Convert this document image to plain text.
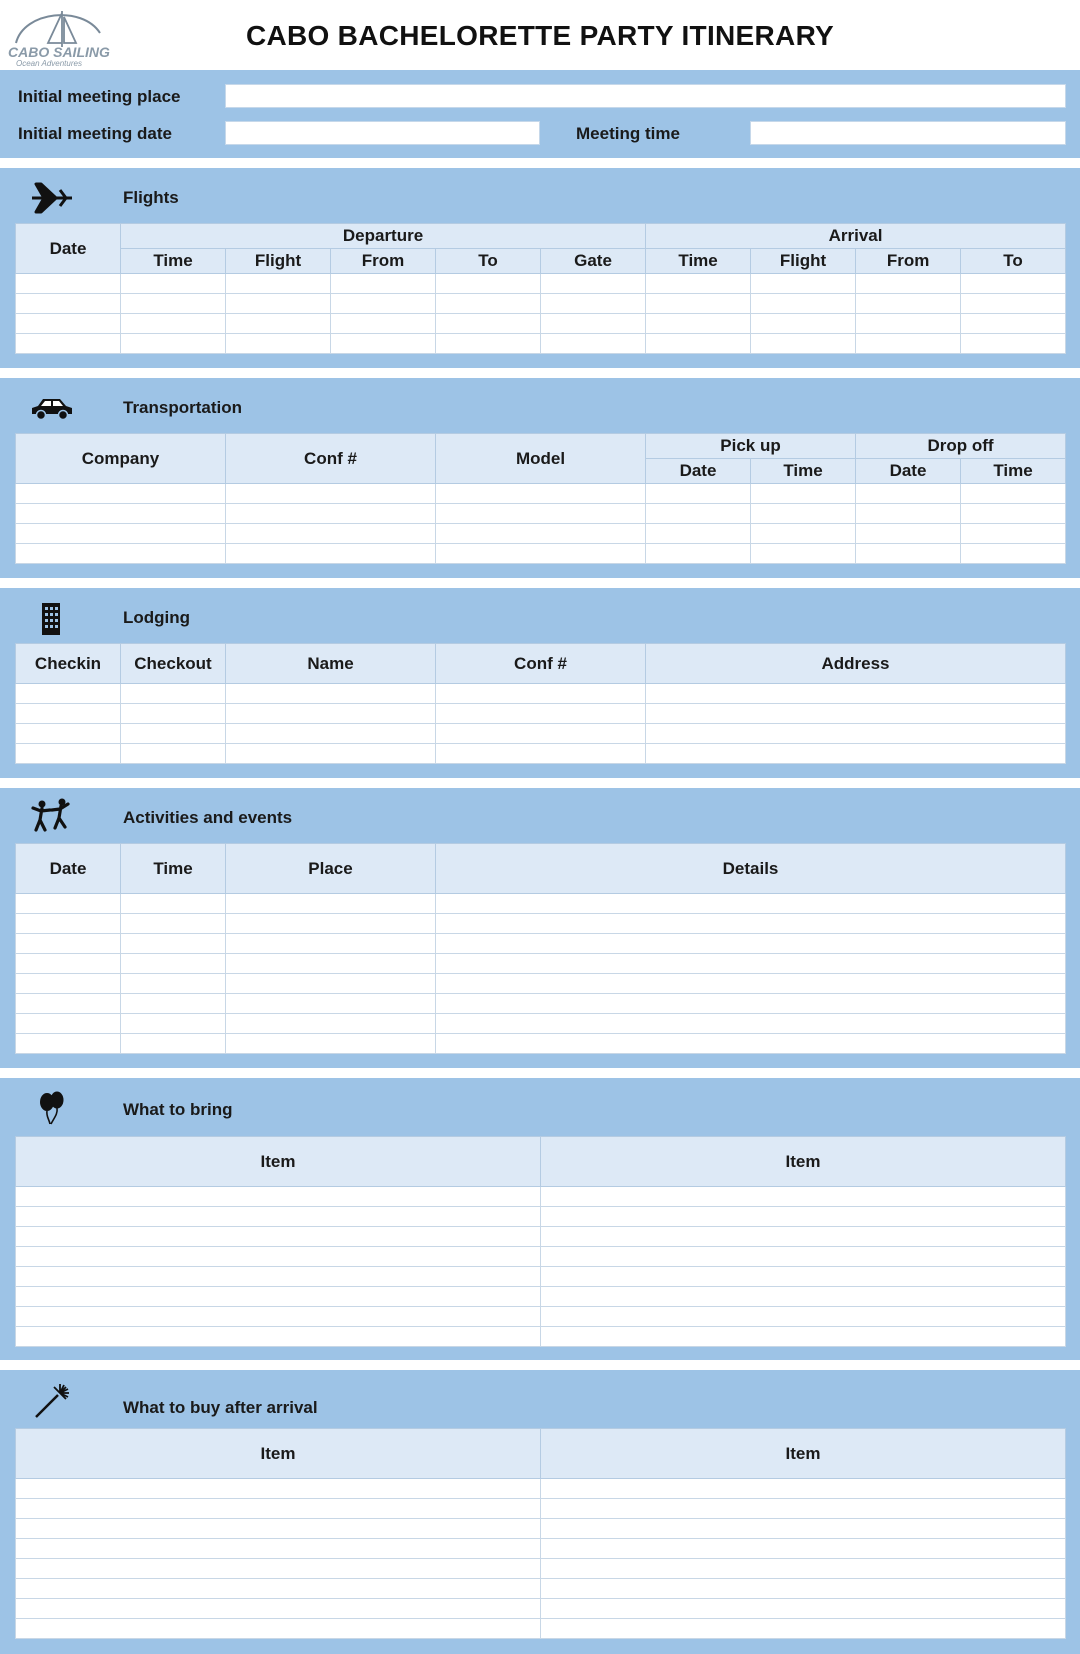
CABO SAILING
Ocean Adventures
CABO BACHELORETTE PARTY ITINERARY
Initial meeting place
Initial meeting date	Meeting time
Flights
Date	Departure					Arrival			
	Time	Flight	From	To	Gate	Time	Flight	From	To

Transportation
Company	Conf #	Model	Pick up		Drop off	
			Date	Time	Date	Time

Lodging
Checkin	Checkout	Name	Conf #	Address

Activities and events
Date	Time	Place	Details

What to bring
Item	Item

What to buy after arrival
Item	Item
